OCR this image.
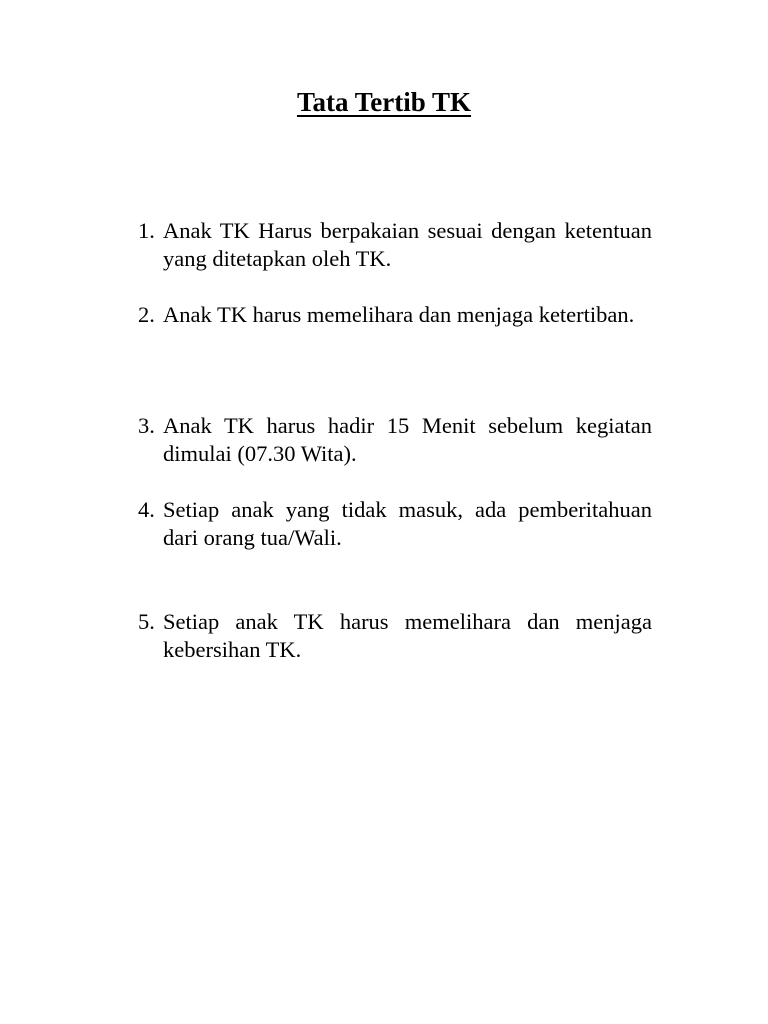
Tata Tertib TK
1. Anak TK Harus berpakaian sesuai dengan ketentuan yang ditetapkan oleh TK.
2. Anak TK harus memelihara dan menjaga ketertiban.
3. Anak TK harus hadir 15 Menit sebelum kegiatan dimulai (07.30 Wita).
4. Setiap anak yang tidak masuk, ada pemberitahuan dari orang tua/Wali.
5. Setiap anak TK harus memelihara dan menjaga kebersihan TK.
